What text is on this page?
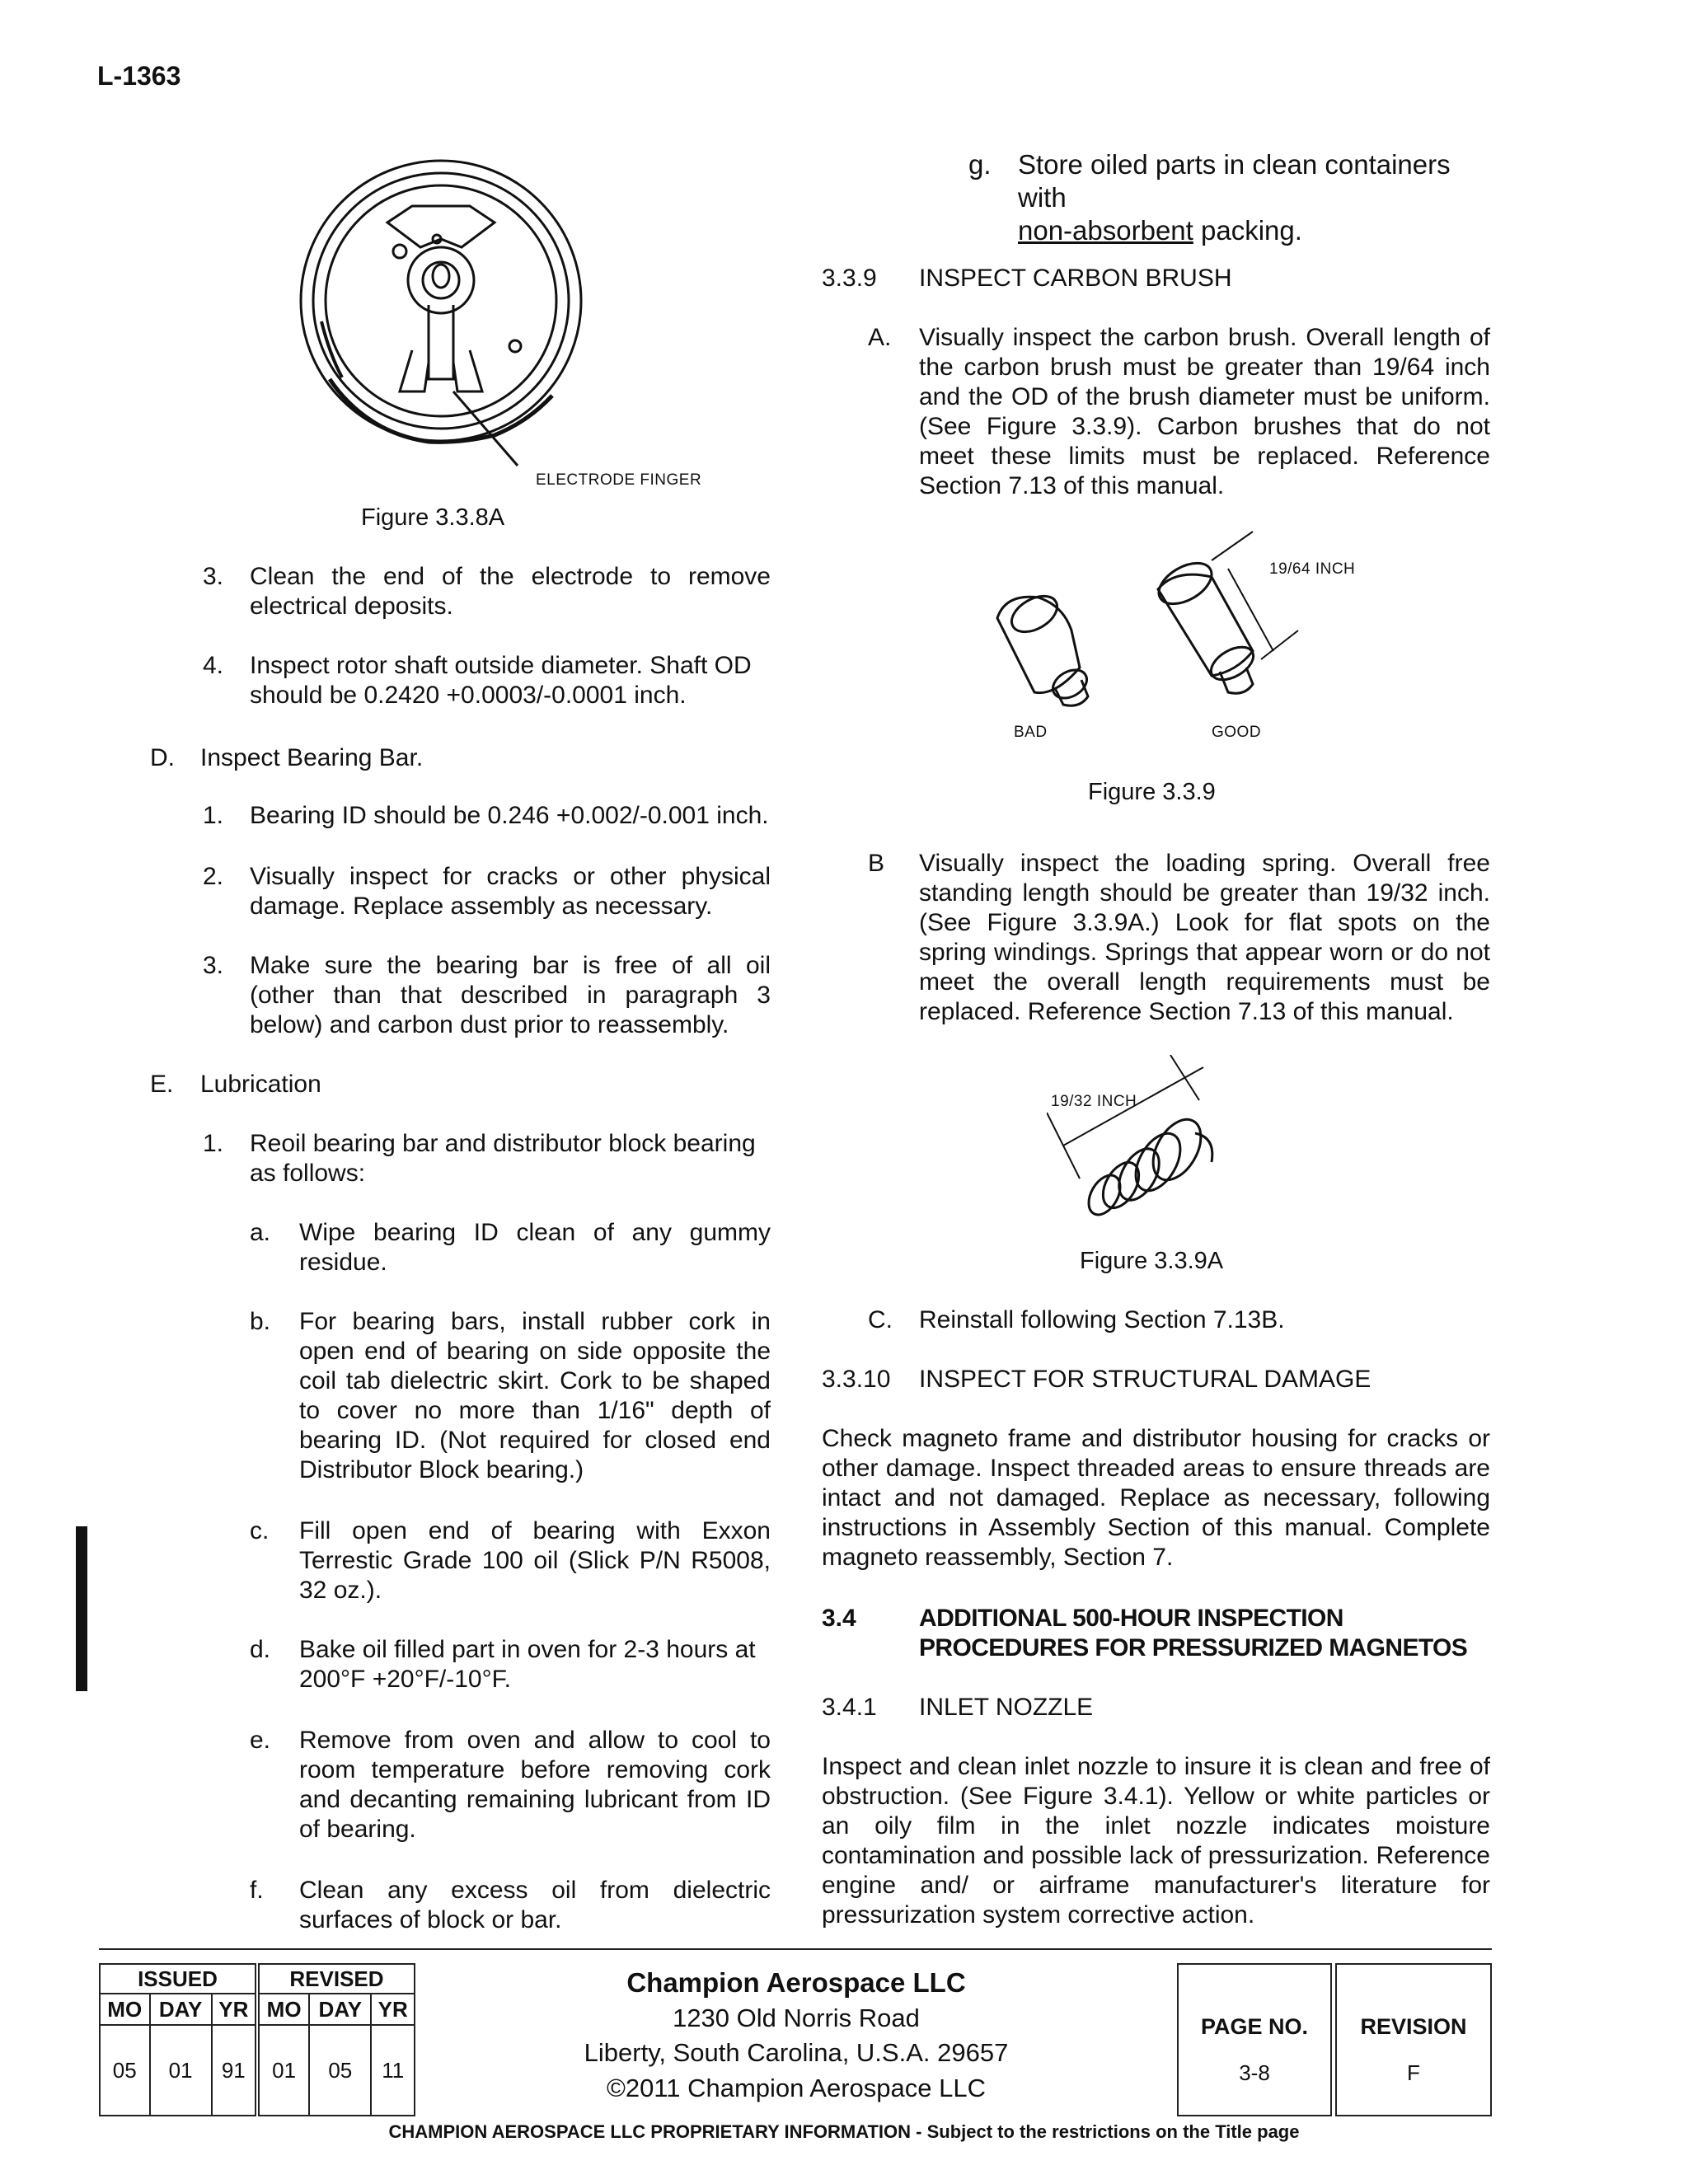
L-1363
ELECTRODE FINGER
Figure 3.3.8A
3. Clean the end of the electrode to remove electrical deposits.
4. Inspect rotor shaft outside diameter. Shaft OD should be 0.2420 +0.0003/-0.0001 inch.
D. Inspect Bearing Bar.
1. Bearing ID should be 0.246 +0.002/-0.001 inch.
2. Visually inspect for cracks or other physical damage. Replace assembly as necessary.
3. Make sure the bearing bar is free of all oil (other than that described in paragraph 3 below) and carbon dust prior to reassembly.
E. Lubrication
1. Reoil bearing bar and distributor block bearing as follows:
a. Wipe bearing ID clean of any gummy residue.
b. For bearing bars, install rubber cork in open end of bearing on side opposite the coil tab dielectric skirt. Cork to be shaped to cover no more than 1/16" depth of bearing ID. (Not required for closed end Distributor Block bearing.)
c. Fill open end of bearing with Exxon Terrestic Grade 100 oil (Slick P/N R5008, 32 oz.).
d. Bake oil filled part in oven for 2-3 hours at 200°F +20°F/-10°F.
e. Remove from oven and allow to cool to room temperature before removing cork and decanting remaining lubricant from ID of bearing.
f. Clean any excess oil from dielectric surfaces of block or bar.
g. Store oiled parts in clean containers with
non-absorbent packing.
3.3.9 INSPECT CARBON BRUSH
A. Visually inspect the carbon brush. Overall length of the carbon brush must be greater than 19/64 inch and the OD of the brush diameter must be uniform. (See Figure 3.3.9). Carbon brushes that do not meet these limits must be replaced. Reference Section 7.13 of this manual.
19/64 INCH
BAD	GOOD
Figure 3.3.9
B Visually inspect the loading spring. Overall free standing length should be greater than 19/32 inch. (See Figure 3.3.9A.) Look for flat spots on the spring windings. Springs that appear worn or do not meet the overall length requirements must be replaced. Reference Section 7.13 of this manual.
19/32 INCH
Figure 3.3.9A
C. Reinstall following Section 7.13B.
3.3.10 INSPECT FOR STRUCTURAL DAMAGE
Check magneto frame and distributor housing for cracks or other damage. Inspect threaded areas to ensure threads are intact and not damaged. Replace as necessary, following instructions in Assembly Section of this manual. Complete magneto reassembly, Section 7.
3.4	ADDITIONAL 500-HOUR INSPECTION
PROCEDURES FOR PRESSURIZED MAGNETOS
3.4.1 INLET NOZZLE
Inspect and clean inlet nozzle to insure it is clean and free of obstruction. (See Figure 3.4.1). Yellow or white particles or an oily film in the inlet nozzle indicates moisture contamination and possible lack of pressurization. Reference engine and/ or airframe manufacturer's literature for pressurization system corrective action.
ISSUED			REVISED		
MO	DAY	YR	MO	DAY	YR
05	01	91	01	05	11
Champion Aerospace LLC
1230 Old Norris Road
Liberty, South Carolina, U.S.A. 29657
©2011 Champion Aerospace LLC
PAGE NO.
3-8
REVISION
F
CHAMPION AEROSPACE LLC PROPRIETARY INFORMATION - Subject to the restrictions on the Title page
